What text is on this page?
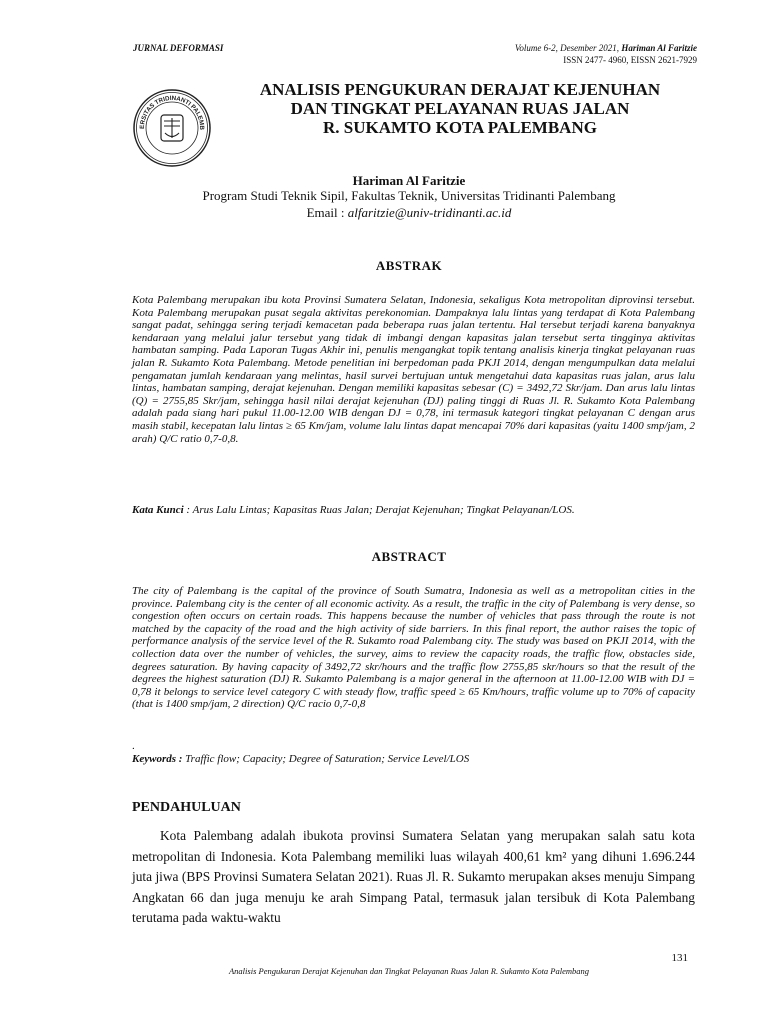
JURNAL DEFORMASI	Volume 6-2, Desember 2021, Hariman Al Faritzie
ISSN 2477- 4960, EISSN 2621-7929
ERSITAS TRIDINANTI PALEMB
ANALISIS PENGUKURAN DERAJAT KEJENUHAN
DAN TINGKAT PELAYANAN RUAS JALAN
R. SUKAMTO KOTA PALEMBANG
Hariman Al Faritzie
Program Studi Teknik Sipil, Fakultas Teknik, Universitas Tridinanti Palembang
Email : alfaritzie@univ-tridinanti.ac.id
ABSTRAK
Kota Palembang merupakan ibu kota Provinsi Sumatera Selatan, Indonesia, sekaligus Kota metropolitan diprovinsi tersebut. Kota Palembang merupakan pusat segala aktivitas perekonomian. Dampaknya lalu lintas yang terdapat di Kota Palembang sangat padat, sehingga sering terjadi kemacetan pada beberapa ruas jalan tertentu. Hal tersebut terjadi karena banyaknya kendaraan yang melalui jalur tersebut yang tidak di imbangi dengan kapasitas jalan tersebut serta tingginya aktivitas hambatan samping. Pada Laporan Tugas Akhir ini, penulis mengangkat topik tentang analisis kinerja tingkat pelayanan ruas jalan R. Sukamto Kota Palembang. Metode penelitian ini berpedoman pada PKJI 2014, dengan mengumpulkan data melalui pengamatan jumlah kendaraan yang melintas, hasil survei bertujuan untuk mengetahui data kapasitas ruas jalan, arus lalu lintas, hambatan samping, derajat kejenuhan. Dengan memiliki kapasitas sebesar (C) = 3492,72 Skr/jam. Dan arus lalu lintas (Q) = 2755,85 Skr/jam, sehingga hasil nilai derajat kejenuhan (DJ) paling tinggi di Ruas Jl. R. Sukamto Kota Palembang adalah pada siang hari pukul 11.00-12.00 WIB dengan DJ = 0,78, ini termasuk kategori tingkat pelayanan C dengan arus masih stabil, kecepatan lalu lintas ≥ 65 Km/jam, volume lalu lintas dapat mencapai 70% dari kapasitas (yaitu 1400 smp/jam, 2 arah) Q/C ratio 0,7-0,8.
Kata Kunci : Arus Lalu Lintas; Kapasitas Ruas Jalan; Derajat Kejenuhan; Tingkat Pelayanan/LOS.
ABSTRACT
The city of Palembang is the capital of the province of South Sumatra, Indonesia as well as a metropolitan cities in the province. Palembang city is the center of all economic activity. As a result, the traffic in the city of Palembang is very dense, so congestion often occurs on certain roads. This happens because the number of vehicles that pass through the route is not matched by the capacity of the road and the high activity of side barriers. In this final report, the author raises the topic of performance analysis of the service level of the R. Sukamto road Palembang city. The study was based on PKJI 2014, with the collection data over the number of vehicles, the survey, aims to review the capacity roads, the traffic flow, obstacles side, degrees saturation. By having capacity of 3492,72 skr/hours and the traffic flow 2755,85 skr/hours so that the result of the degrees the highest saturation (DJ) R. Sukamto Palembang is a major general in the afternoon at 11.00-12.00 WIB with DJ = 0,78 it belongs to service level category C with steady flow, traffic speed ≥ 65 Km/hours, traffic volume up to 70% of capacity (that is 1400 smp/jam, 2 direction) Q/C racio 0,7-0,8
.
Keywords : Traffic flow; Capacity; Degree of Saturation; Service Level/LOS
PENDAHULUAN
Kota Palembang adalah ibukota provinsi Sumatera Selatan yang merupakan salah satu kota metropolitan di Indonesia. Kota Palembang memiliki luas wilayah 400,61 km² yang dihuni 1.696.244 juta jiwa (BPS Provinsi Sumatera Selatan 2021). Ruas Jl. R. Sukamto merupakan akses menuju Simpang Angkatan 66 dan juga menuju ke arah Simpang Patal, termasuk jalan tersibuk di Kota Palembang terutama pada waktu-waktu
131
Analisis Pengukuran Derajat Kejenuhan dan Tingkat Pelayanan Ruas Jalan R. Sukamto Kota Palembang
